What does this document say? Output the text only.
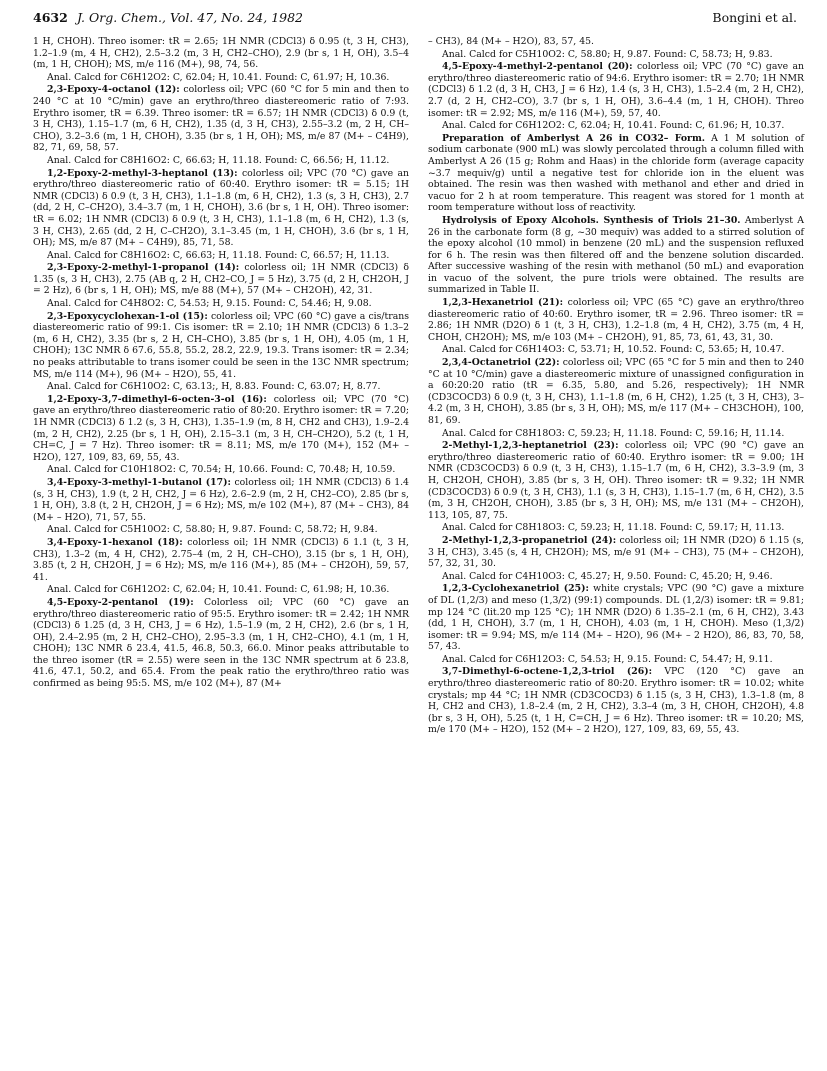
4632 J. Org. Chem., Vol. 47, No. 24, 1982	Bongini et al.

1 H, CHOH). Threo isomer: tR = 2.65; 1H NMR (CDCl3) δ 0.95 (t, 3 H, CH3), 1.2–1.9 (m, 4 H, CH2), 2.5–3.2 (m, 3 H, CH2–CHO), 2.9 (br s, 1 H, OH), 3.5–4 (m, 1 H, CHOH); MS, m/e 116 (M+), 98, 74, 56.

Anal. Calcd for C6H12O2: C, 62.04; H, 10.41. Found: C, 61.97; H, 10.36.

2,3-Epoxy-4-octanol (12): colorless oil; VPC (60 °C for 5 min and then to 240 °C at 10 °C/min) gave an erythro/threo diastereomeric ratio of 7:93. Erythro isomer, tR = 6.39. Threo isomer: tR = 6.57; 1H NMR (CDCl3) δ 0.9 (t, 3 H, CH3), 1.15–1.7 (m, 6 H, CH2), 1.35 (d, 3 H, CH3), 2.55–3.2 (m, 2 H, CH–CHO), 3.2–3.6 (m, 1 H, CHOH), 3.35 (br s, 1 H, OH); MS, m/e 87 (M+ – C4H9), 82, 71, 69, 58, 57.

Anal. Calcd for C8H16O2: C, 66.63; H, 11.18. Found: C, 66.56; H, 11.12.

1,2-Epoxy-2-methyl-3-heptanol (13): colorless oil; VPC (70 °C) gave an erythro/threo diastereomeric ratio of 60:40. Erythro isomer: tR = 5.15; 1H NMR (CDCl3) δ 0.9 (t, 3 H, CH3), 1.1–1.8 (m, 6 H, CH2), 1.3 (s, 3 H, CH3), 2.7 (dd, 2 H, C–CH2O), 3.4–3.7 (m, 1 H, CHOH), 3.6 (br s, 1 H, OH). Threo isomer: tR = 6.02; 1H NMR (CDCl3) δ 0.9 (t, 3 H, CH3), 1.1–1.8 (m, 6 H, CH2), 1.3 (s, 3 H, CH3), 2.65 (dd, 2 H, C–CH2O), 3.1–3.45 (m, 1 H, CHOH), 3.6 (br s, 1 H, OH); MS, m/e 87 (M+ – C4H9), 85, 71, 58.

Anal. Calcd for C8H16O2: C, 66.63; H, 11.18. Found: C, 66.57; H, 11.13.

2,3-Epoxy-2-methyl-1-propanol (14): colorless oil; 1H NMR (CDCl3) δ 1.35 (s, 3 H, CH3), 2.75 (AB q, 2 H, CH2–CO, J = 5 Hz), 3.75 (d, 2 H, CH2OH, J = 2 Hz), 6 (br s, 1 H, OH); MS, m/e 88 (M+), 57 (M+ – CH2OH), 42, 31.

Anal. Calcd for C4H8O2: C, 54.53; H, 9.15. Found: C, 54.46; H, 9.08.

2,3-Epoxycyclohexan-1-ol (15): colorless oil; VPC (60 °C) gave a cis/trans diastereomeric ratio of 99:1. Cis isomer: tR = 2.10; 1H NMR (CDCl3) δ 1.3–2 (m, 6 H, CH2), 3.35 (br s, 2 H, CH–CHO), 3.85 (br s, 1 H, OH), 4.05 (m, 1 H, CHOH); 13C NMR δ 67.6, 55.8, 55.2, 28.2, 22.9, 19.3. Trans isomer: tR = 2.34; no peaks attributable to trans isomer could be seen in the 13C NMR spectrum; MS, m/e 114 (M+), 96 (M+ – H2O), 55, 41.

Anal. Calcd for C6H10O2: C, 63.13;, H, 8.83. Found: C, 63.07; H, 8.77.

1,2-Epoxy-3,7-dimethyl-6-octen-3-ol (16): colorless oil; VPC (70 °C) gave an erythro/threo diastereomeric ratio of 80:20. Erythro isomer: tR = 7.20; 1H NMR (CDCl3) δ 1.2 (s, 3 H, CH3), 1.35–1.9 (m, 8 H, CH2 and CH3), 1.9–2.4 (m, 2 H, CH2), 2.25 (br s, 1 H, OH), 2.15–3.1 (m, 3 H, CH–CH2O), 5.2 (t, 1 H, CH=C, J = 7 Hz). Threo isomer: tR = 8.11; MS, m/e 170 (M+), 152 (M+ – H2O), 127, 109, 83, 69, 55, 43.

Anal. Calcd for C10H18O2: C, 70.54; H, 10.66. Found: C, 70.48; H, 10.59.

3,4-Epoxy-3-methyl-1-butanol (17): colorless oil; 1H NMR (CDCl3) δ 1.4 (s, 3 H, CH3), 1.9 (t, 2 H, CH2, J = 6 Hz), 2.6–2.9 (m, 2 H, CH2–CO), 2.85 (br s, 1 H, OH), 3.8 (t, 2 H, CH2OH, J = 6 Hz); MS, m/e 102 (M+), 87 (M+ – CH3), 84 (M+ – H2O), 71, 57, 55.

Anal. Calcd for C5H10O2: C, 58.80; H, 9.87. Found: C, 58.72; H, 9.84.

3,4-Epoxy-1-hexanol (18): colorless oil; 1H NMR (CDCl3) δ 1.1 (t, 3 H, CH3), 1.3–2 (m, 4 H, CH2), 2.75–4 (m, 2 H, CH–CHO), 3.15 (br s, 1 H, OH), 3.85 (t, 2 H, CH2OH, J = 6 Hz); MS, m/e 116 (M+), 85 (M+ – CH2OH), 59, 57, 41.

Anal. Calcd for C6H12O2: C, 62.04; H, 10.41. Found: C, 61.98; H, 10.36.

4,5-Epoxy-2-pentanol (19): Colorless oil; VPC (60 °C) gave an erythro/threo diastereomeric ratio of 95:5. Erythro isomer: tR = 2.42; 1H NMR (CDCl3) δ 1.25 (d, 3 H, CH3, J = 6 Hz), 1.5–1.9 (m, 2 H, CH2), 2.6 (br s, 1 H, OH), 2.4–2.95 (m, 2 H, CH2–CHO), 2.95–3.3 (m, 1 H, CH2–CHO), 4.1 (m, 1 H, CHOH); 13C NMR δ 23.4, 41.5, 46.8, 50.3, 66.0. Minor peaks attributable to the threo isomer (tR = 2.55) were seen in the 13C NMR spectrum at δ 23.8, 41.6, 47.1, 50.2, and 65.4. From the peak ratio the erythro/threo ratio was confirmed as being 95:5. MS, m/e 102 (M+), 87 (M+

– CH3), 84 (M+ – H2O), 83, 57, 45.

Anal. Calcd for C5H10O2: C, 58.80; H, 9.87. Found: C, 58.73; H, 9.83.

4,5-Epoxy-4-methyl-2-pentanol (20): colorless oil; VPC (70 °C) gave an erythro/threo diastereomeric ratio of 94:6. Erythro isomer: tR = 2.70; 1H NMR (CDCl3) δ 1.2 (d, 3 H, CH3, J = 6 Hz), 1.4 (s, 3 H, CH3), 1.5–2.4 (m, 2 H, CH2), 2.7 (d, 2 H, CH2–CO), 3.7 (br s, 1 H, OH), 3.6–4.4 (m, 1 H, CHOH). Threo isomer: tR = 2.92; MS, m/e 116 (M+), 59, 57, 40.

Anal. Calcd for C6H12O2: C, 62.04; H, 10.41. Found: C, 61.96; H, 10.37.

Preparation of Amberlyst A 26 in CO32– Form. A 1 M solution of sodium carbonate (900 mL) was slowly percolated through a column filled with Amberlyst A 26 (15 g; Rohm and Haas) in the chloride form (average capacity ~3.7 mequiv/g) until a negative test for chloride ion in the eluent was obtained. The resin was then washed with methanol and ether and dried in vacuo for 2 h at room temperature. This reagent was stored for 1 month at room temperature without loss of reactivity.

Hydrolysis of Epoxy Alcohols. Synthesis of Triols 21–30. Amberlyst A 26 in the carbonate form (8 g, ~30 mequiv) was added to a stirred solution of the epoxy alcohol (10 mmol) in benzene (20 mL) and the suspension refluxed for 6 h. The resin was then filtered off and the benzene solution discarded. After successive washing of the resin with methanol (50 mL) and evaporation in vacuo of the solvent, the pure triols were obtained. The results are summarized in Table II.

1,2,3-Hexanetriol (21): colorless oil; VPC (65 °C) gave an erythro/threo diastereomeric ratio of 40:60. Erythro isomer, tR = 2.96. Threo isomer: tR = 2.86; 1H NMR (D2O) δ 1 (t, 3 H, CH3), 1.2–1.8 (m, 4 H, CH2), 3.75 (m, 4 H, CHOH, CH2OH); MS, m/e 103 (M+ – CH2OH), 91, 85, 73, 61, 43, 31, 30.

Anal. Calcd for C6H14O3: C, 53.71; H, 10.52. Found: C, 53.65; H, 10.47.

2,3,4-Octanetriol (22): colorless oil; VPC (65 °C for 5 min and then to 240 °C at 10 °C/min) gave a diastereomeric mixture of unassigned configuration in a 60:20:20 ratio (tR = 6.35, 5.80, and 5.26, respectively); 1H NMR (CD3COCD3) δ 0.9 (t, 3 H, CH3), 1.1–1.8 (m, 6 H, CH2), 1.25 (t, 3 H, CH3), 3–4.2 (m, 3 H, CHOH), 3.85 (br s, 3 H, OH); MS, m/e 117 (M+ – CH3CHOH), 100, 81, 69.

Anal. Calcd for C8H18O3: C, 59.23; H, 11.18. Found: C, 59.16; H, 11.14.

2-Methyl-1,2,3-heptanetriol (23): colorless oil; VPC (90 °C) gave an erythro/threo diastereomeric ratio of 60:40. Erythro isomer: tR = 9.00; 1H NMR (CD3COCD3) δ 0.9 (t, 3 H, CH3), 1.15–1.7 (m, 6 H, CH2), 3.3–3.9 (m, 3 H, CH2OH, CHOH), 3.85 (br s, 3 H, OH). Threo isomer: tR = 9.32; 1H NMR (CD3COCD3) δ 0.9 (t, 3 H, CH3), 1.1 (s, 3 H, CH3), 1.15–1.7 (m, 6 H, CH2), 3.5 (m, 3 H, CH2OH, CHOH), 3.85 (br s, 3 H, OH); MS, m/e 131 (M+ – CH2OH), 113, 105, 87, 75.

Anal. Calcd for C8H18O3: C, 59.23; H, 11.18. Found: C, 59.17; H, 11.13.

2-Methyl-1,2,3-propanetriol (24): colorless oil; 1H NMR (D2O) δ 1.15 (s, 3 H, CH3), 3.45 (s, 4 H, CH2OH); MS, m/e 91 (M+ – CH3), 75 (M+ – CH2OH), 57, 32, 31, 30.

Anal. Calcd for C4H10O3: C, 45.27; H, 9.50. Found: C, 45.20; H, 9.46.

1,2,3-Cyclohexanetriol (25): white crystals; VPC (90 °C) gave a mixture of DL (1,2/3) and meso (1,3/2) (99:1) compounds. DL (1,2/3) isomer: tR = 9.81; mp 124 °C (lit.20 mp 125 °C); 1H NMR (D2O) δ 1.35–2.1 (m, 6 H, CH2), 3.43 (dd, 1 H, CHOH), 3.7 (m, 1 H, CHOH), 4.03 (m, 1 H, CHOH). Meso (1,3/2) isomer: tR = 9.94; MS, m/e 114 (M+ – H2O), 96 (M+ – 2 H2O), 86, 83, 70, 58, 57, 43.

Anal. Calcd for C6H12O3: C, 54.53; H, 9.15. Found: C, 54.47; H, 9.11.

3,7-Dimethyl-6-octene-1,2,3-triol (26): VPC (120 °C) gave an erythro/threo diastereomeric ratio of 80:20. Erythro isomer: tR = 10.02; white crystals; mp 44 °C; 1H NMR (CD3COCD3) δ 1.15 (s, 3 H, CH3), 1.3–1.8 (m, 8 H, CH2 and CH3), 1.8–2.4 (m, 2 H, CH2), 3.3–4 (m, 3 H, CHOH, CH2OH), 4.8 (br s, 3 H, OH), 5.25 (t, 1 H, C=CH, J = 6 Hz). Threo isomer: tR = 10.20; MS, m/e 170 (M+ – H2O), 152 (M+ – 2 H2O), 127, 109, 83, 69, 55, 43.
